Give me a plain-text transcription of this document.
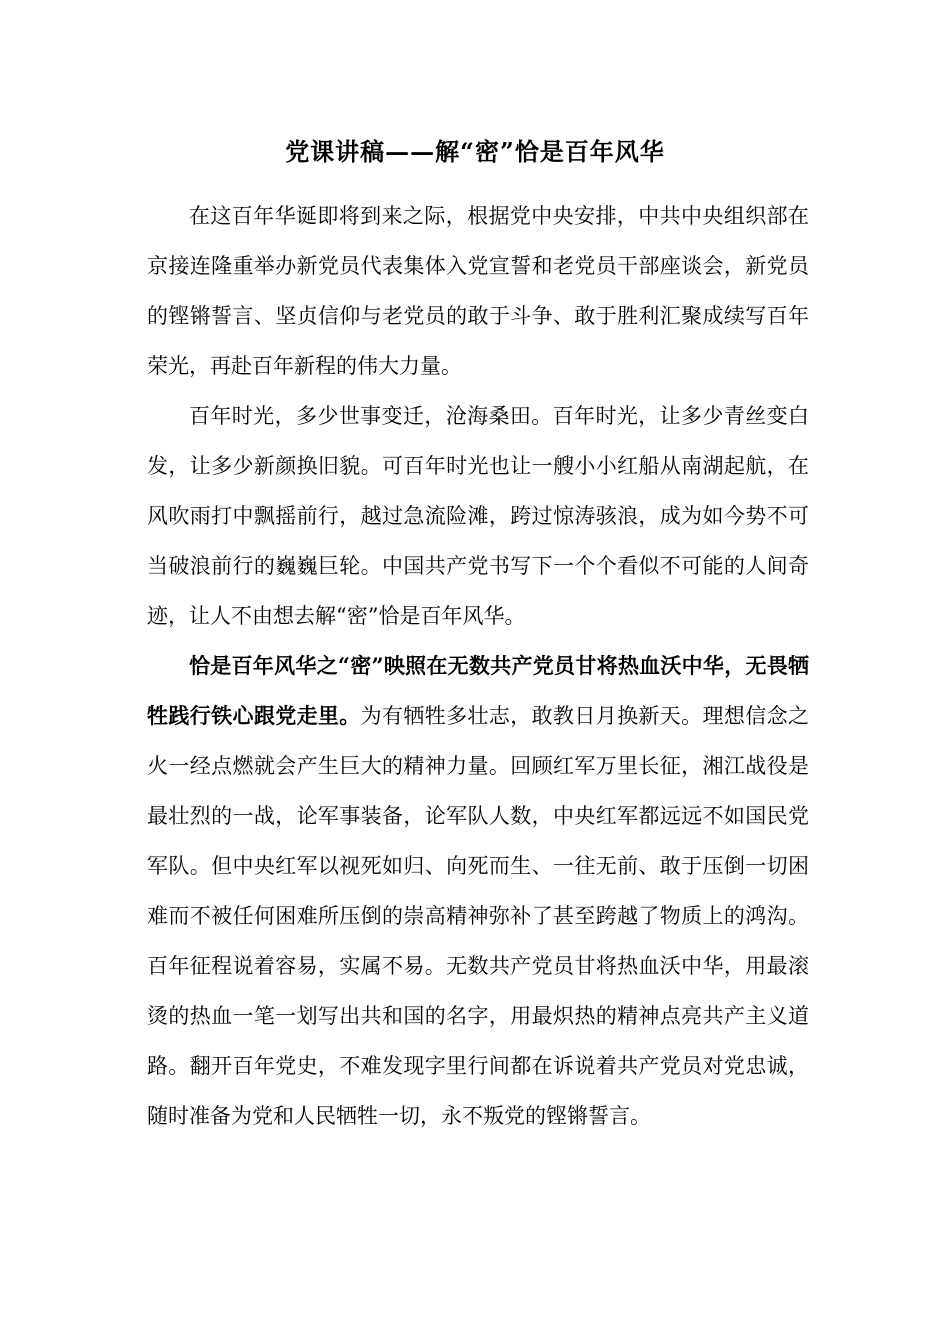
党课讲稿——解“密”恰是百年风华

在这百年华诞即将到来之际，根据党中央安排，中共中央组织部在京接连隆重举办新党员代表集体入党宣誓和老党员干部座谈会，新党员的铿锵誓言、坚贞信仰与老党员的敢于斗争、敢于胜利汇聚成续写百年荣光，再赴百年新程的伟大力量。

百年时光，多少世事变迁，沧海桑田。百年时光，让多少青丝变白发，让多少新颜换旧貌。可百年时光也让一艘小小红船从南湖起航，在风吹雨打中飘摇前行，越过急流险滩，跨过惊涛骇浪，成为如今势不可当破浪前行的巍巍巨轮。中国共产党书写下一个个看似不可能的人间奇迹，让人不由想去解“密”恰是百年风华。

恰是百年风华之“密”映照在无数共产党员甘将热血沃中华，无畏牺牲践行铁心跟党走里。为有牺牲多壮志，敢教日月换新天。理想信念之火一经点燃就会产生巨大的精神力量。回顾红军万里长征，湘江战役是最壮烈的一战，论军事装备，论军队人数，中央红军都远远不如国民党军队。但中央红军以视死如归、向死而生、一往无前、敢于压倒一切困难而不被任何困难所压倒的崇高精神弥补了甚至跨越了物质上的鸿沟。百年征程说着容易，实属不易。无数共产党员甘将热血沃中华，用最滚烫的热血一笔一划写出共和国的名字，用最炽热的精神点亮共产主义道路。翻开百年党史，不难发现字里行间都在诉说着共产党员对党忠诚，随时准备为党和人民牺牲一切，永不叛党的铿锵誓言。
